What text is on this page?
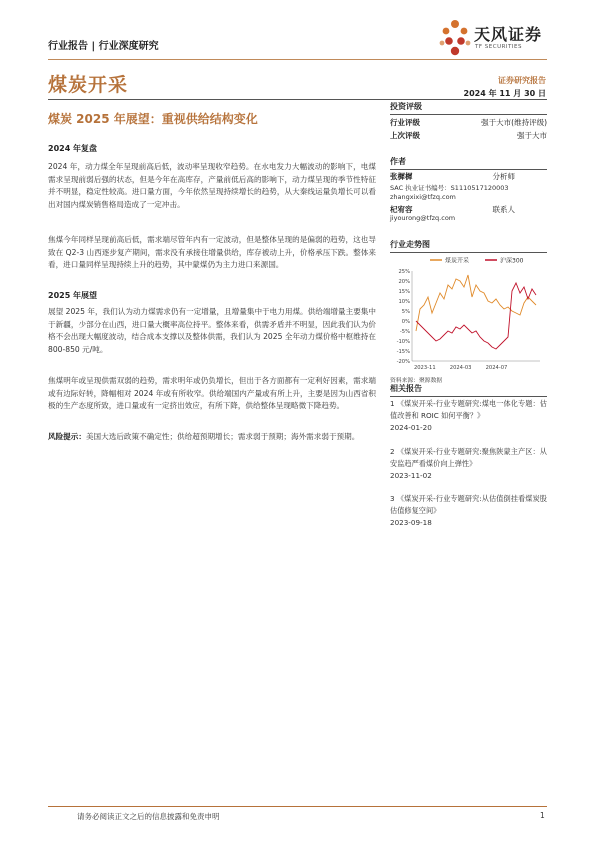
行业报告 | 行业深度研究
天风证券
TF SECURITIES
煤炭开采	证券研究报告
2024 年 11 月 30 日
煤炭 2025 年展望：重视供给结构变化
2024 年复盘
2024 年，动力煤全年呈现前高后低，波动率呈现收窄趋势。在水电发力大幅波动的影响下，电煤需求呈现前弱后强的状态，但是今年在高库存，产量前低后高的影响下，动力煤呈现的季节性特征并不明显，稳定性较高。进口量方面，今年依然呈现持续增长的趋势，从大秦线运量负增长可以看出对国内煤炭销售格局造成了一定冲击。
焦煤今年同样呈现前高后低，需求端尽管年内有一定波动，但是整体呈现的是偏弱的趋势，这也导致在 Q2-3 山西逐步复产期间，需求没有承接住增量供给，库存被动上升，价格承压下跌。整体来看，进口量同样呈现持续上升的趋势，其中蒙煤仍为主力进口来源国。
2025 年展望
展望 2025 年，我们认为动力煤需求仍有一定增量，且增量集中于电力用煤。供给端增量主要集中于新疆，少部分在山西，进口量大概率高位持平。整体来看，供需矛盾并不明显，因此我们认为价格不会出现大幅度波动，结合成本支撑以及整体供需，我们认为 2025 全年动力煤价格中枢维持在 800-850 元/吨。
焦煤明年或呈现供需双弱的趋势，需求明年或仍负增长，但出于各方面都有一定利好因素，需求端或有边际好转，降幅相对 2024 年或有所收窄。供给端国内产量或有所上升，主要是因为山西省积极的生产态度所致，进口量或有一定挤出效应，有所下降，供给整体呈现略微下降趋势。
风险提示：美国大选后政策不确定性；供给超预期增长；需求弱于预期；海外需求弱于预期。
投资评级
行业评级	强于大市(维持评级)
上次评级	强于大市
作者
张樨樨	分析师
SAC 执业证书编号：S1110517120003
zhangxixi@tfzq.com
杞宥容	联系人
jiyourong@tfzq.com
行业走势图
煤炭开采	沪深300
25%
20%
15%
10%
5%
0%
-5%
-10%
-15%
-20%
2023-11	2024-03	2024-07
资料来源：聚源数据
相关报告
1 《煤炭开采-行业专题研究:煤电一体化专题：估值改善和 ROIC 如何平衡？》
2024-01-20
2 《煤炭开采-行业专题研究:聚焦陕蒙主产区：从安监趋严看煤价向上弹性》
2023-11-02
3 《煤炭开采-行业专题研究:从估值倒挂看煤炭股估值修复空间》
2023-09-18
请务必阅读正文之后的信息披露和免责申明	1
